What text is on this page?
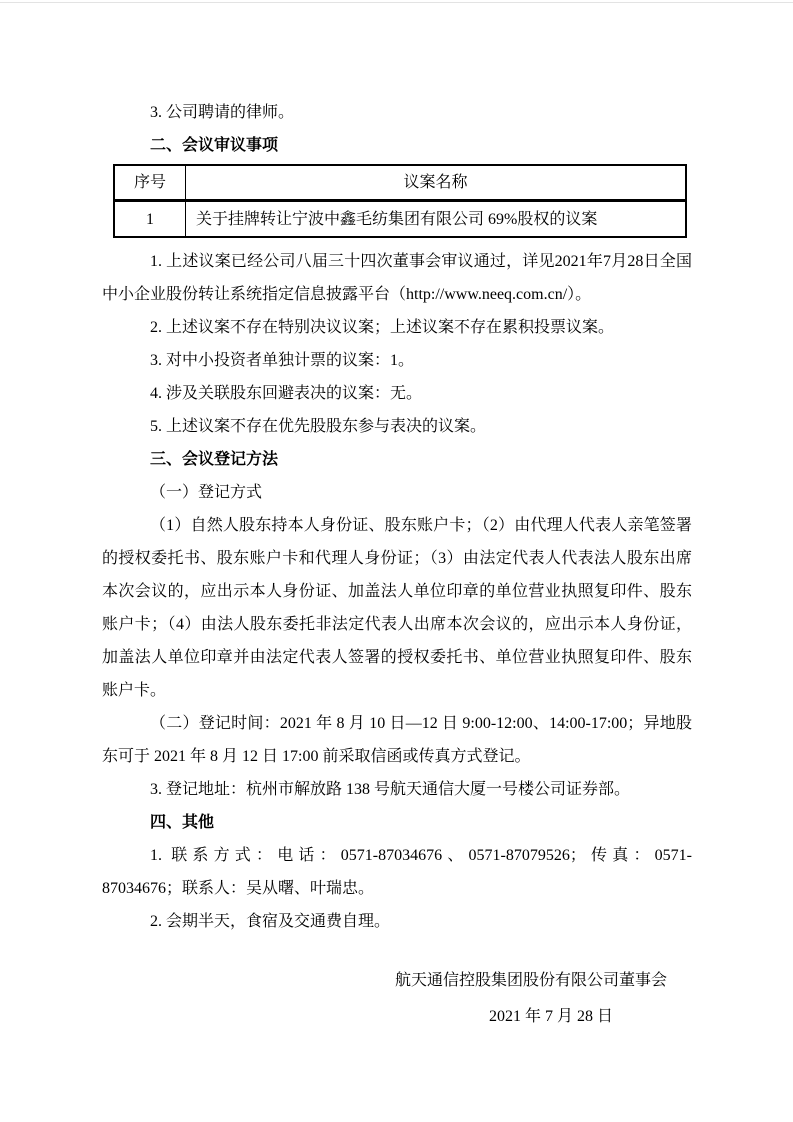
3. 公司聘请的律师。

二、会议审议事项

序号	议案名称
1	关于挂牌转让宁波中鑫毛纺集团有限公司 69%股权的议案

1. 上述议案已经公司八届三十四次董事会审议通过，详见2021年7月28日全国中小企业股份转让系统指定信息披露平台（http://www.neeq.com.cn/）。

2. 上述议案不存在特别决议议案；上述议案不存在累积投票议案。

3. 对中小投资者单独计票的议案：1。

4. 涉及关联股东回避表决的议案：无。

5. 上述议案不存在优先股股东参与表决的议案。

三、会议登记方法

（一）登记方式

（1）自然人股东持本人身份证、股东账户卡；（2）由代理人代表人亲笔签署的授权委托书、股东账户卡和代理人身份证；（3）由法定代表人代表法人股东出席本次会议的，应出示本人身份证、加盖法人单位印章的单位营业执照复印件、股东账户卡；（4）由法人股东委托非法定代表人出席本次会议的，应出示本人身份证，加盖法人单位印章并由法定代表人签署的授权委托书、单位营业执照复印件、股东账户卡。

（二）登记时间：2021 年 8 月 10 日—12 日 9:00-12:00、14:00-17:00；异地股东可于 2021 年 8 月 12 日 17:00 前采取信函或传真方式登记。

3. 登记地址：杭州市解放路 138 号航天通信大厦一号楼公司证券部。

四、其他

1. 联系方式：电话：0571-87034676、0571-87079526；传真：0571-87034676；联系人：吴从曙、叶瑞忠。

2. 会期半天，食宿及交通费自理。

航天通信控股集团股份有限公司董事会

2021 年 7 月 28 日
